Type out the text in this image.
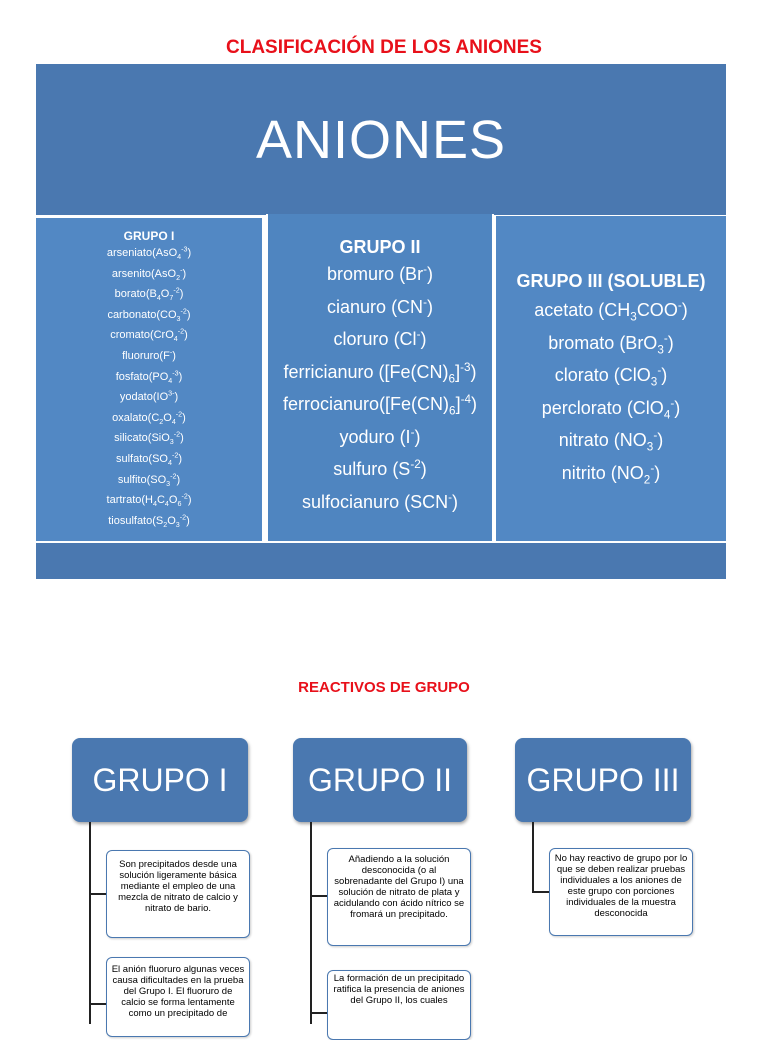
CLASIFICACIÓN DE LOS ANIONES
ANIONES
GRUPO I
arseniato(AsO$_4^{-3}$)
arsenito(AsO$_2$-)
$borato(B_4O_7^{-2})$
$carbonato(CO_3^{-2})$
cromato(CrO$_4^{-2}$)
fluoruro(F-)
$fosfato(PO_4^{-3})$
$yodato(IO^{3-})$
$oxalato(C_2O_4^{-2})$
silicato(SiO$_3^{-2}$)
$sulfato(SO_4^{-2})$
$sulfito(SO_3^{-2})$
$tartrato(H_4C_4O_6^{-2})$
$tiosulfato(S_2O_3^{-2})$
GRUPO II
bromuro (Br-)
cianuro (CN-)
cloruro (Cl-)
ferricianuro $([Fe(CN)_6]^{-3})$
$ferrocianuro([Fe(CN)_6]^{-4})$
yoduro (I-)
sulfuro $(S^{-2})$
sulfocianuro (SCN-)
GRUPO III (SOLUBLE)
acetato $(CH_3COO^-)$
bromato (BrO$_3$-)
clorato (ClO$_3$-)
perclorato (ClO$_4$-)
nitrato $(NO_3^-)$
nitrito $(NO_2^-)$
REACTIVOS DE GRUPO
GRUPO I	GRUPO II	GRUPO III
Son precipitados desde una solución ligeramente básica mediante el empleo de una mezcla de nitrato de calcio y nitrato de bario.
El anión fluoruro algunas veces causa dificultades en la prueba del Grupo I. El fluoruro de calcio se forma lentamente como un precipitado de
Añadiendo a la solución desconocida (o al sobrenadante del Grupo I) una solución de nitrato de plata y acidulando con ácido nítrico se fromará un precipitado.
La formación de un precipitado ratifica la presencia de aniones del Grupo II, los cuales
No hay reactivo de grupo por lo que se deben realizar pruebas individuales a los aniones de este grupo con porciones individuales de la muestra desconocida
